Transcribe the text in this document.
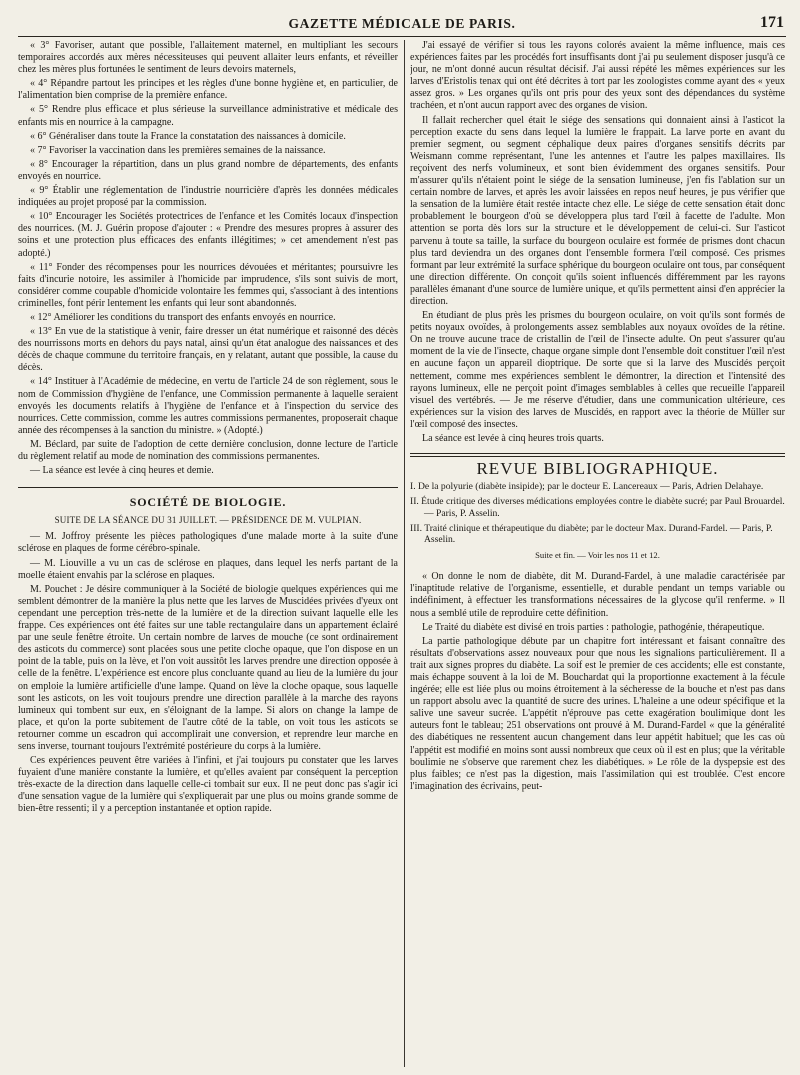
GAZETTE MÉDICALE DE PARIS.	171

« 3° Favoriser, autant que possible, l'allaitement maternel, en multipliant les secours temporaires accordés aux mères nécessiteuses qui peuvent allaiter leurs enfants, et réveiller chez les mères plus fortunées le sentiment de leurs devoirs maternels,

« 4° Répandre partout les principes et les règles d'une bonne hygiène et, en particulier, de l'alimentation bien comprise de la première enfance.

« 5° Rendre plus efficace et plus sérieuse la surveillance administrative et médicale des enfants mis en nourrice à la campagne.

« 6° Généraliser dans toute la France la constatation des naissances à domicile.

« 7° Favoriser la vaccination dans les premières semaines de la naissance.

« 8° Encourager la répartition, dans un plus grand nombre de départements, des enfants envoyés en nourrice.

« 9° Établir une réglementation de l'industrie nourricière d'après les données médicales indiquées au projet proposé par la commission.

« 10° Encourager les Sociétés protectrices de l'enfance et les Comités locaux d'inspection des nourrices. (M. J. Guérin propose d'ajouter : « Prendre des mesures propres à assurer des soins et une protection plus efficaces des enfants illégitimes; » cet amendement n'est pas adopté.)

« 11° Fonder des récompenses pour les nourrices dévouées et méritantes; poursuivre les faits d'incurie notoire, les assimiler à l'homicide par imprudence, s'ils sont suivis de mort, considérer comme coupable d'homicide volontaire les femmes qui, s'associant à des intentions criminelles, font périr lentement les enfants qui leur sont abandonnés.

« 12° Améliorer les conditions du transport des enfants envoyés en nourrice.

« 13° En vue de la statistique à venir, faire dresser un état numérique et raisonné des décès des nourrissons morts en dehors du pays natal, ainsi qu'un état analogue des naissances et des décès de chaque commune du territoire français, en y relatant, autant que possible, la cause du décès.

« 14° Instituer à l'Académie de médecine, en vertu de l'article 24 de son règlement, sous le nom de Commission d'hygiène de l'enfance, une Commission permanente à laquelle seraient envoyés les documents relatifs à l'hygiène de l'enfance et à l'inspection du service des nourrices. Cette commission, comme les autres commissions permanentes, proposerait chaque année des récompenses à la sanction du ministre. » (Adopté.)

M. Béclard, par suite de l'adoption de cette dernière conclusion, donne lecture de l'article du règlement relatif au mode de nomination des commissions permanentes.

— La séance est levée à cinq heures et demie.

SOCIÉTÉ DE BIOLOGIE.
SUITE DE LA SÉANCE DU 31 JUILLET. — PRÉSIDENCE DE M. VULPIAN.

— M. Joffroy présente les pièces pathologiques d'une malade morte à la suite d'une sclérose en plaques de forme cérébro-spinale.

— M. Liouville a vu un cas de sclérose en plaques, dans lequel les nerfs partant de la moelle étaient envahis par la sclérose en plaques.

M. Pouchet : Je désire communiquer à la Société de biologie quelques expériences qui me semblent démontrer de la manière la plus nette que les larves de Muscidées privées d'yeux ont cependant une perception très-nette de la lumière et de la direction suivant laquelle elle les frappe. Ces expériences ont été faites sur une table rectangulaire dans un appartement éclairé par une seule fenêtre étroite. Un certain nombre de larves de mouche (ce sont ordinairement des asticots du commerce) sont placées sous une petite cloche opaque, que l'on dispose en un point de la table, puis on la lève, et l'on voit aussitôt les larves prendre une direction opposée à celle de la fenêtre. L'expérience est encore plus concluante quand au lieu de la lumière du jour on emploie la lumière artificielle d'une lampe. Quand on lève la cloche opaque, sous laquelle sont les asticots, on les voit toujours prendre une direction parallèle à la marche des rayons lumineux qui tombent sur eux, en s'éloignant de la lampe. Si alors on change la lampe de place, et qu'on la porte subitement de l'autre côté de la table, on voit tous les asticots se retourner comme un escadron qui accomplirait une conversion, et reprendre leur marche en sens inverse, tournant toujours l'extrémité postérieure du corps à la lumière.

Ces expériences peuvent être variées à l'infini, et j'ai toujours pu constater que les larves fuyaient d'une manière constante la lumière, et qu'elles avaient par conséquent la perception très-exacte de la direction dans laquelle celle-ci tombait sur eux. Il ne peut donc pas s'agir ici d'une sensation vague de la lumière qui s'expliquerait par une plus ou moins grande somme de bien-être ressenti; il y a perception instantanée et option rapide.

J'ai essayé de vérifier si tous les rayons colorés avaient la même influence, mais ces expériences faites par les procédés fort insuffisants dont j'ai pu seulement disposer jusqu'à ce jour, ne m'ont donné aucun résultat décisif. J'ai aussi répété les mêmes expériences sur les larves d'Eristolis tenax qui ont été décrites à tort par les zoologistes comme ayant des « yeux assez gros. » Les organes qu'ils ont pris pour des yeux sont des dépendances du système trachéen, et n'ont aucun rapport avec des organes de vision.

Il fallait rechercher quel était le siége des sensations qui donnaient ainsi à l'asticot la perception exacte du sens dans lequel la lumière le frappait. La larve porte en avant du premier segment, ou segment céphalique deux paires d'organes sensitifs décrits par Weismann comme représentant, l'une les antennes et l'autre les palpes maxillaires. Ils reçoivent des nerfs volumineux, et sont bien évidemment des organes sensitifs. Pour m'assurer qu'ils n'étaient point le siége de la sensation lumineuse, j'en fis l'ablation sur un certain nombre de larves, et après les avoir laissées en repos neuf heures, je pus vérifier que la sensation de la lumière était restée intacte chez elle. Le siége de cette sensation était donc probablement le bourgeon d'où se développera plus tard l'œil à facette de l'adulte. Mon attention se porta dès lors sur la structure et le développement de celui-ci. Sur l'asticot parvenu à toute sa taille, la surface du bourgeon oculaire est formée de prismes dont chacun plus tard deviendra un des organes dont l'ensemble formera l'œil composé. Ces prismes formant par leur extrémité la surface sphérique du bourgeon oculaire ont tous, par conséquent une direction différente. On conçoit qu'ils soient influencés différemment par les rayons parallèles émanant d'une source de lumière unique, et qu'ils permettent ainsi d'en apprécier la direction.

En étudiant de plus près les prismes du bourgeon oculaire, on voit qu'ils sont formés de petits noyaux ovoïdes, à prolongements assez semblables aux noyaux ovoïdes de la rétine. On ne trouve aucune trace de cristallin de l'œil de l'insecte adulte. On peut s'assurer qu'au moment de la vie de l'insecte, chaque organe simple dont l'ensemble doit constituer l'œil n'est en aucune façon un appareil dioptrique. De sorte que si la larve des Muscidés perçoit nettement, comme mes expériences semblent le démontrer, la direction et l'intensité des rayons lumineux, elle ne perçoit point d'images semblables à celles que recueille l'appareil visuel des vertébrés. — Je me réserve d'étudier, dans une communication ultérieure, ces expériences sur la vision des larves de Muscidés, en rapport avec la théorie de Müller sur l'œil composé des insectes.

La séance est levée à cinq heures trois quarts.

REVUE BIBLIOGRAPHIQUE.
I. De la polyurie (diabète insipide); par le docteur E. Lancereaux — Paris, Adrien Delahaye.
II. Étude critique des diverses médications employées contre le diabète sucré; par Paul Brouardel. — Paris, P. Asselin.
III. Traité clinique et thérapeutique du diabète; par le docteur Max. Durand-Fardel. — Paris, P. Asselin.
Suite et fin. — Voir les nos 11 et 12.

« On donne le nom de diabète, dit M. Durand-Fardel, à une maladie caractérisée par l'inaptitude relative de l'organisme, essentielle, et durable pendant un temps variable ou indéfiniment, à effectuer les transformations nécessaires de la glycose qu'il renferme. » Il nous a semblé utile de reproduire cette définition.

Le Traité du diabète est divisé en trois parties : pathologie, pathogénie, thérapeutique.

La partie pathologique débute par un chapitre fort intéressant et faisant connaître des résultats d'observations assez nouveaux pour que nous les signalions particulièrement. Il a trait aux signes propres du diabète. La soif est le premier de ces accidents; elle est constante, mais échappe souvent à la loi de M. Bouchardat qui la proportionne exactement à la fécule ingérée; elle est liée plus ou moins étroitement à la sécheresse de la bouche et n'est pas dans un rapport absolu avec la quantité de sucre des urines. L'haleine a une odeur spécifique et la salive une saveur sucrée. L'appétit n'éprouve pas cette exagération boulimique dont les auteurs font le tableau; 251 observations ont prouvé à M. Durand-Fardel « que la généralité des diabétiques ne ressentent aucun changement dans leur appétit habituel; que les cas où l'appétit est modifié en moins sont aussi nombreux que ceux où il est en plus; que la véritable boulimie ne s'observe que rarement chez les diabétiques. » Le rôle de la dyspepsie est des plus faibles; ce n'est pas la digestion, mais l'assimilation qui est troublée. C'est encore l'imagination des écrivains, peut-
